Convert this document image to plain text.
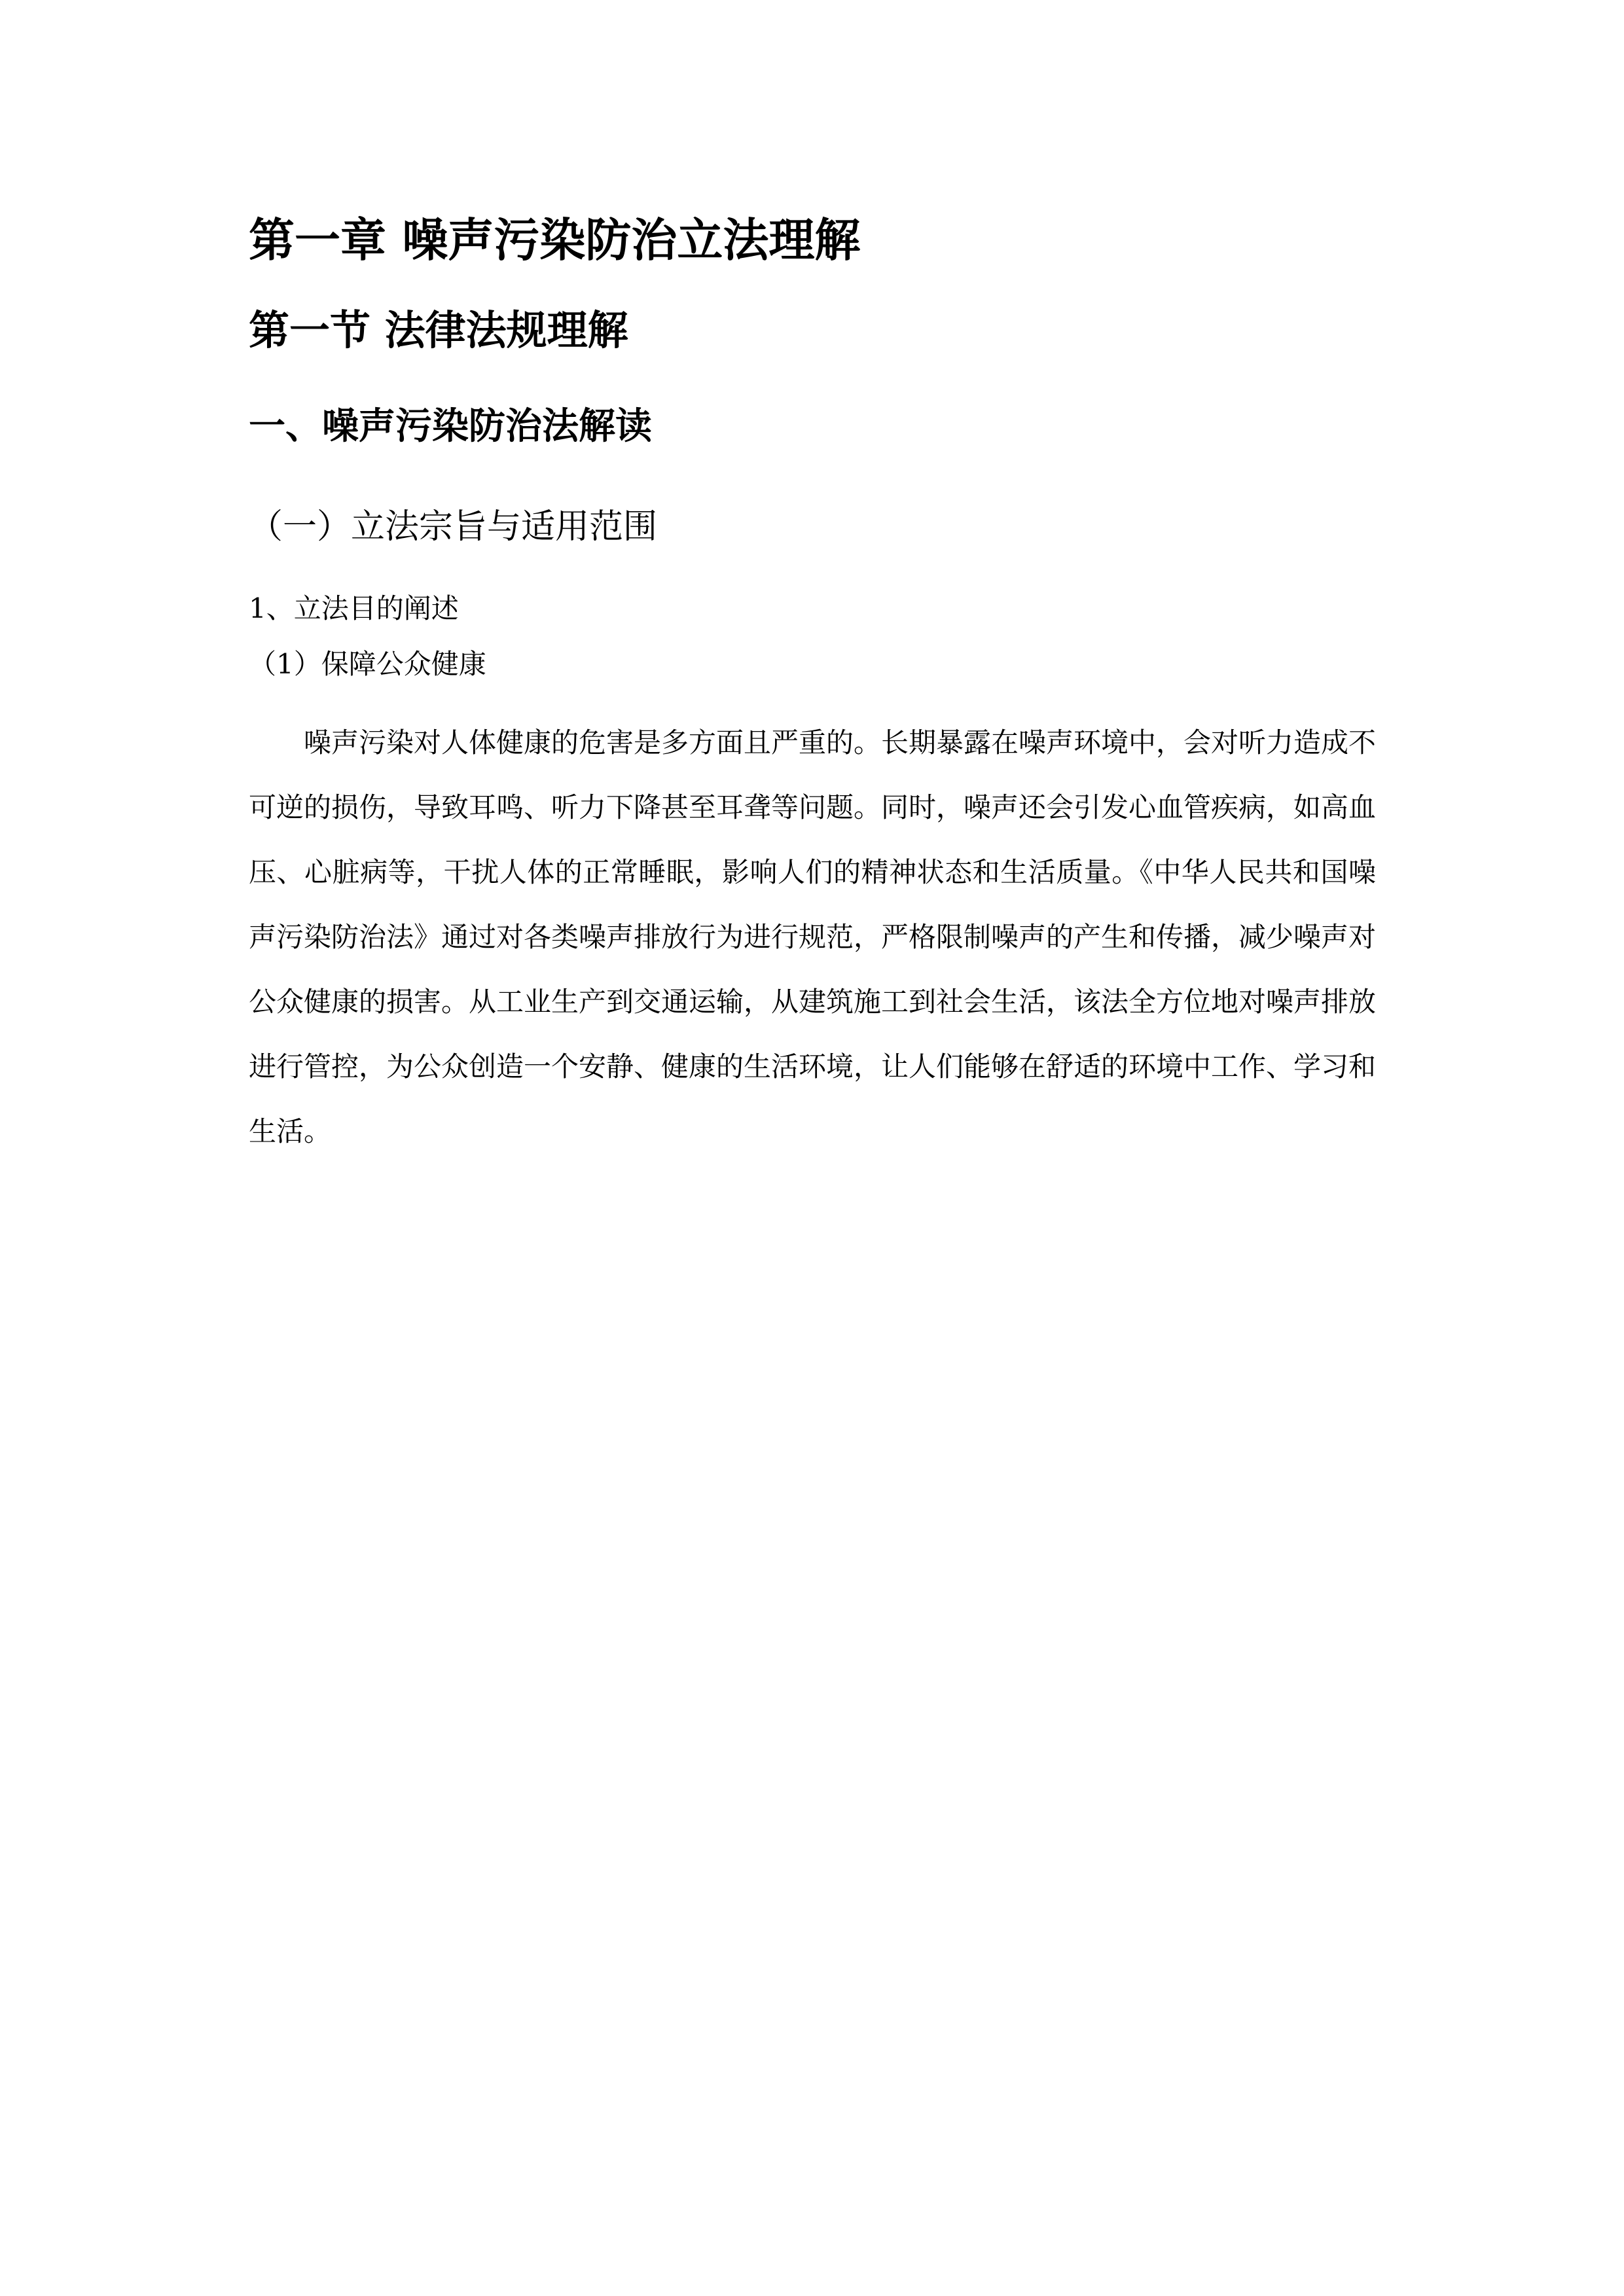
第一章 噪声污染防治立法理解
第一节 法律法规理解
一、噪声污染防治法解读
（一）立法宗旨与适用范围
1、立法目的阐述
（1）保障公众健康

噪声污染对人体健康的危害是多方面且严重的。长期暴露在噪声环境中，会对听力造成不可逆的损伤，导致耳鸣、听力下降甚至耳聋等问题。同时，噪声还会引发心血管疾病，如高血压、心脏病等，干扰人体的正常睡眠，影响人们的精神状态和生活质量。《中华人民共和国噪声污染防治法》通过对各类噪声排放行为进行规范，严格限制噪声的产生和传播，减少噪声对公众健康的损害。从工业生产到交通运输，从建筑施工到社会生活，该法全方位地对噪声排放进行管控，为公众创造一个安静、健康的生活环境，让人们能够在舒适的环境中工作、学习和生活。
